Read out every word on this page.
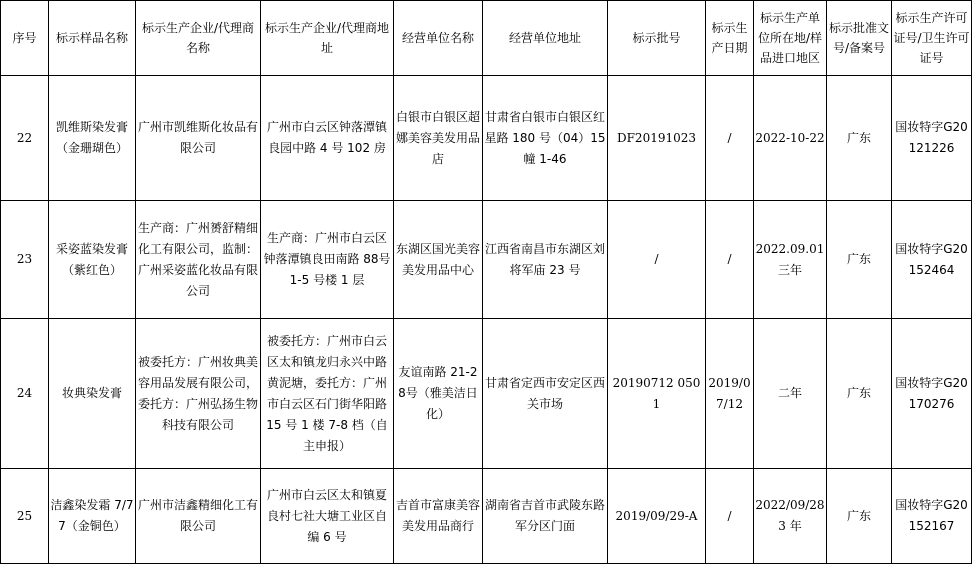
序号	标示样品名称	标示生产企业/代理商名称	标示生产企业/代理商地址	经营单位名称	经营单位地址	标示批号	标示生产日期	标示生产单位所在地/样品进口地区	标示批准文号/备案号	标示生产许可证号/卫生许可证号
22	凯维斯染发膏（金珊瑚色）	广州市凯维斯化妆品有限公司	广州市白云区钟落潭镇良园中路 4 号 102 房	白银市白银区超娜美容美发用品店	甘肃省白银市白银区红星路 180 号（04）15 幢 1-46	DF20191023	/	2022-10-22	广东	国妆特字G20121226
23	采姿蓝染发膏（紫红色）	生产商：广州赟舒精细化工有限公司，监制：广州采姿蓝化妆品有限公司	生产商：广州市白云区钟落潭镇良田南路 88号 1-5 号楼 1 层	东湖区国光美容美发用品中心	江西省南昌市东湖区刘将军庙 23 号	/	/	2022.09.01 三年	广东	国妆特字G20152464
24	妆典染发膏	被委托方：广州妆典美容用品发展有限公司，委托方：广州弘扬生物科技有限公司	被委托方：广州市白云区太和镇龙归永兴中路黄泥塘，委托方：广州市白云区石门街华阳路 15 号 1 楼 7-8 档（自主申报）	友谊南路 21-28号（雅美洁日化）	甘肃省定西市安定区西关市场	20190712 0501	2019/07/12	二年	广东	国妆特字G20170276
25	洁鑫染发霜 7/77（金铜色）	广州市洁鑫精细化工有限公司	广州市白云区太和镇夏良村七社大塘工业区自编 6 号	吉首市富康美容美发用品商行	湖南省吉首市武陵东路军分区门面	2019/09/29-A	/	2022/09/28 3 年	广东	国妆特字G20152167
